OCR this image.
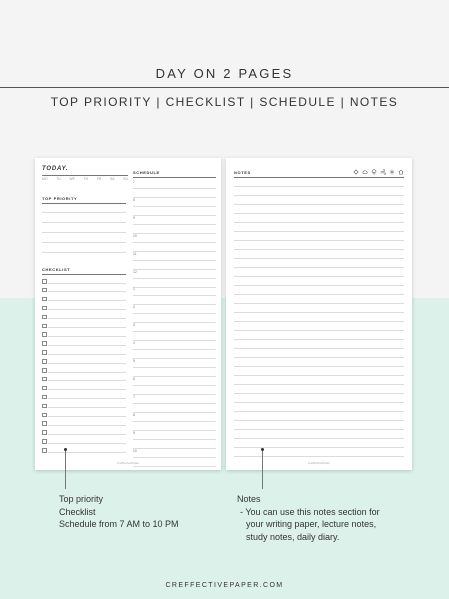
DAY ON 2 PAGES
TOP PRIORITY | CHECKLIST | SCHEDULE | NOTES
TODAY.
MO	TU	WE	TH	FR	SA	SU
TOP PRIORITY
CHECKLIST
SCHEDULE
7
8
9
10
11
12
1
2
3
4
5
6
7
8
9
10
CreffectivePaper
NOTES
CreffectivePaper
Top priority
Checklist
Schedule from 7 AM to 10 PM
Notes
- You can use this notes section for
your writing paper, lecture notes,
study notes, daily diary.
CREFFECTIVEPAPER.COM
